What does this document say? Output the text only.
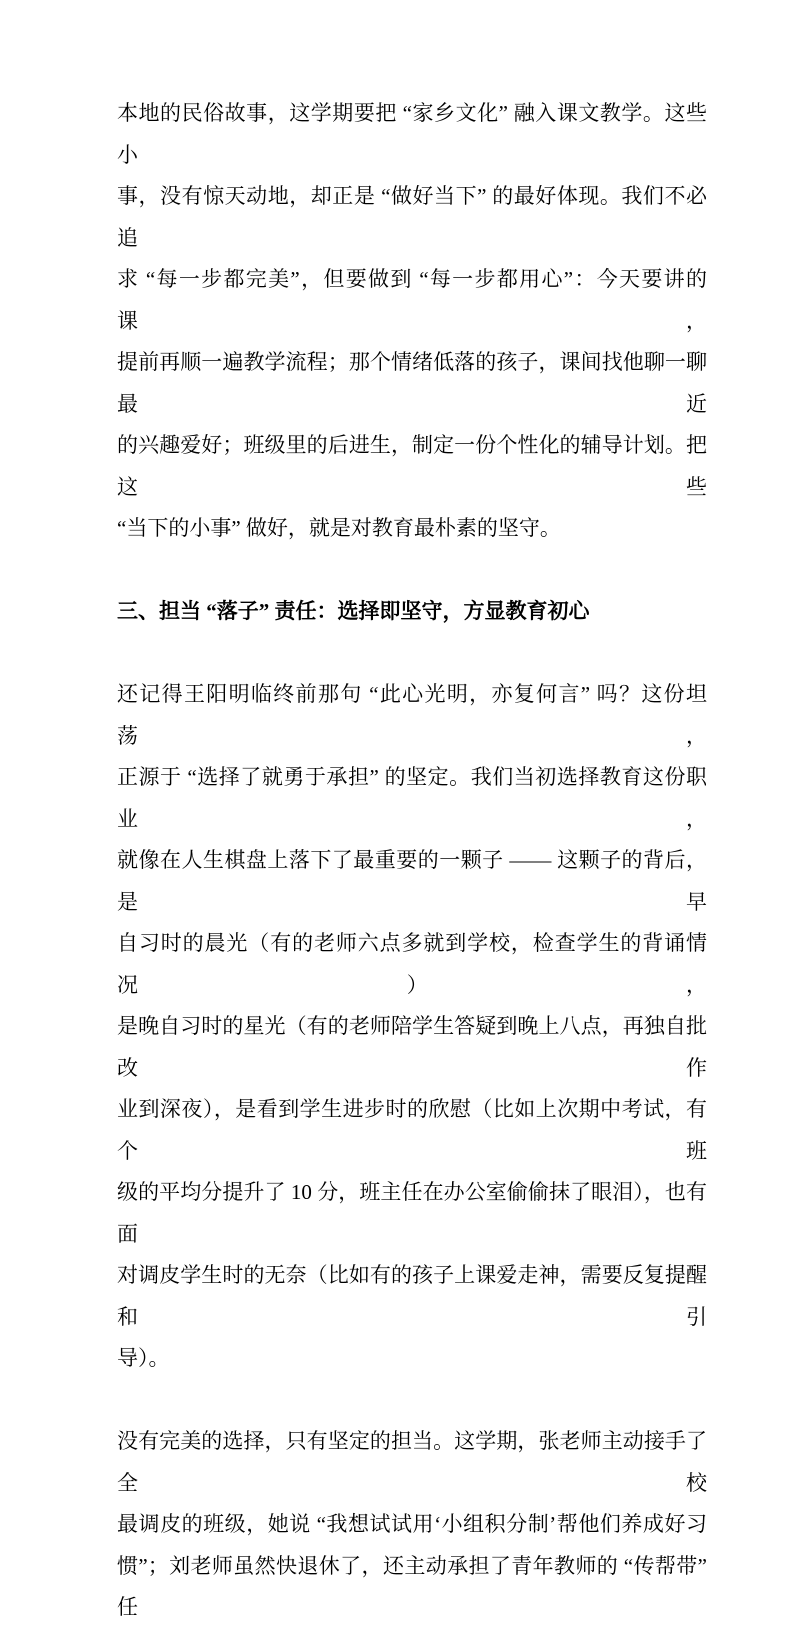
本地的民俗故事，这学期要把 “家乡文化” 融入课文教学。这些小
事，没有惊天动地，却正是 “做好当下” 的最好体现。我们不必追
求 “每一步都完美”，但要做到 “每一步都用心”：今天要讲的课，
提前再顺一遍教学流程；那个情绪低落的孩子，课间找他聊一聊最近
的兴趣爱好；班级里的后进生，制定一份个性化的辅导计划。把这些
“当下的小事” 做好，就是对教育最朴素的坚守。
三、担当 “落子” 责任：选择即坚守，方显教育初心
还记得王阳明临终前那句 “此心光明，亦复何言” 吗？这份坦荡，
正源于 “选择了就勇于承担” 的坚定。我们当初选择教育这份职业，
就像在人生棋盘上落下了最重要的一颗子 —— 这颗子的背后，是早
自习时的晨光（有的老师六点多就到学校，检查学生的背诵情况），
是晚自习时的星光（有的老师陪学生答疑到晚上八点，再独自批改作
业到深夜），是看到学生进步时的欣慰（比如上次期中考试，有个班
级的平均分提升了 10 分，班主任在办公室偷偷抹了眼泪），也有面
对调皮学生时的无奈（比如有的孩子上课爱走神，需要反复提醒和引
导）。
没有完美的选择，只有坚定的担当。这学期，张老师主动接手了全校
最调皮的班级，她说 “我想试试用‘小组积分制’帮他们养成好习
惯”；刘老师虽然快退休了，还主动承担了青年教师的 “传帮带” 任
